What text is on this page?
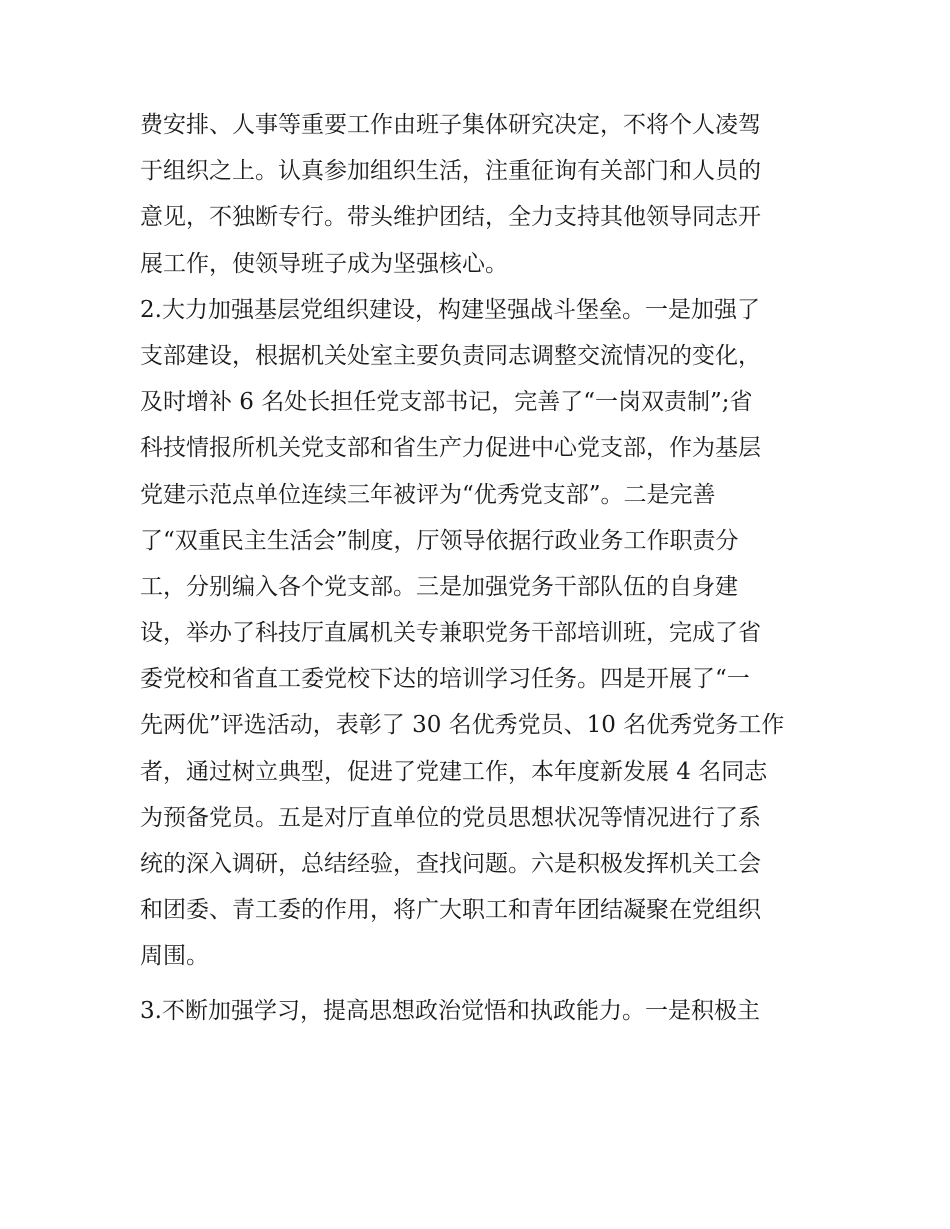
费安排、人事等重要工作由班子集体研究决定，不将个人凌驾
于组织之上。认真参加组织生活，注重征询有关部门和人员的
意见，不独断专行。带头维护团结，全力支持其他领导同志开
展工作，使领导班子成为坚强核心。
2.大力加强基层党组织建设，构建坚强战斗堡垒。一是加强了
支部建设，根据机关处室主要负责同志调整交流情况的变化，
及时增补 6 名处长担任党支部书记，完善了“一岗双责制”;省
科技情报所机关党支部和省生产力促进中心党支部，作为基层
党建示范点单位连续三年被评为“优秀党支部”。二是完善
了“双重民主生活会”制度，厅领导依据行政业务工作职责分
工，分别编入各个党支部。三是加强党务干部队伍的自身建
设，举办了科技厅直属机关专兼职党务干部培训班，完成了省
委党校和省直工委党校下达的培训学习任务。四是开展了“一
先两优”评选活动，表彰了 30 名优秀党员、10 名优秀党务工作
者，通过树立典型，促进了党建工作，本年度新发展 4 名同志
为预备党员。五是对厅直单位的党员思想状况等情况进行了系
统的深入调研，总结经验，查找问题。六是积极发挥机关工会
和团委、青工委的作用，将广大职工和青年团结凝聚在党组织
周围。
3.不断加强学习，提高思想政治觉悟和执政能力。一是积极主
